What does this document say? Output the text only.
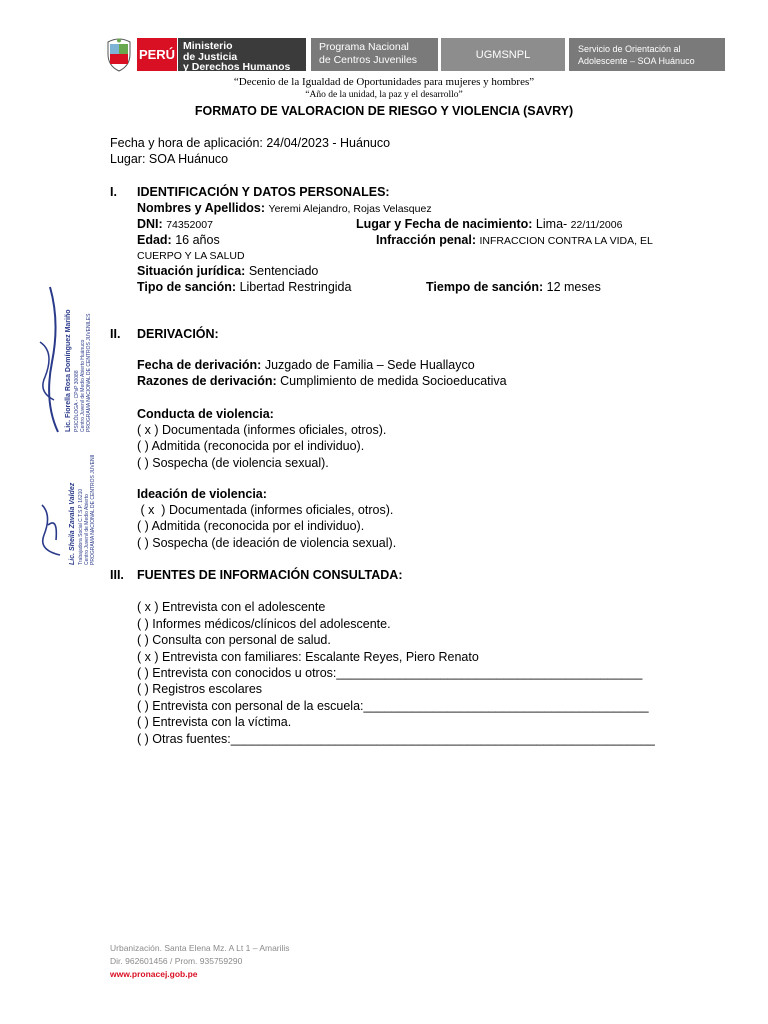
PERÚ
Ministerio
de Justicia
y Derechos Humanos
Programa Nacional
de Centros Juveniles	UGMSNPL	Servicio de Orientación al
Adolescente – SOA Huánuco
“Decenio de la Igualdad de Oportunidades para mujeres y hombres”
“Año de la unidad, la paz y el desarrollo”
FORMATO DE VALORACION DE RIESGO Y VIOLENCIA (SAVRY)
Fecha y hora de aplicación: 24/04/2023 - Huánuco
Lugar: SOA Huánuco
I. IDENTIFICACIÓN Y DATOS PERSONALES:
Nombres y Apellidos: Yeremi Alejandro, Rojas Velasquez
DNI: 74352007	Lugar y Fecha de nacimiento: Lima- 22/11/2006
Edad: 16 años	Infracción penal: INFRACCION CONTRA LA VIDA, EL
CUERPO Y LA SALUD
Situación jurídica: Sentenciado
Tipo de sanción: Libertad Restringida	Tiempo de sanción: 12 meses
II. DERIVACIÓN:
Fecha de derivación: Juzgado de Familia – Sede Huallayco
Razones de derivación: Cumplimiento de medida Socioeducativa
Conducta de violencia:
( x ) Documentada (informes oficiales, otros).
( ) Admitida (reconocida por el individuo).
( ) Sospecha (de violencia sexual).
Ideación de violencia:
( x  ) Documentada (informes oficiales, otros).
( ) Admitida (reconocida por el individuo).
( ) Sospecha (de ideación de violencia sexual).
III. FUENTES DE INFORMACIÓN CONSULTADA:
( x ) Entrevista con el adolescente
( ) Informes médicos/clínicos del adolescente.
( ) Consulta con personal de salud.
( x ) Entrevista con familiares: Escalante Reyes, Piero Renato
( ) Entrevista con conocidos u otros:____________________________________________
( ) Registros escolares
( ) Entrevista con personal de la escuela:_________________________________________
( ) Entrevista con la víctima.
( ) Otras fuentes:_____________________________________________________________
Lic. Fiorella Rosa Domínguez Mariño PSICÓLOGA - CPsP 30088 Centro Juvenil de Medio Abierto Huánuco PROGRAMA NACIONAL DE CENTROS JUVENILES
Lic. Sheila Zavala Valdez Trabajadora Social C.T.S.P. 16210 Centro Juvenil de Medio Abierto PROGRAMA NACIONAL DE CENTROS JUVENILES
Urbanización. Santa Elena Mz. A Lt 1 – Amarilis
Dir. 962601456 / Prom. 935759290
www.pronacej.gob.pe
